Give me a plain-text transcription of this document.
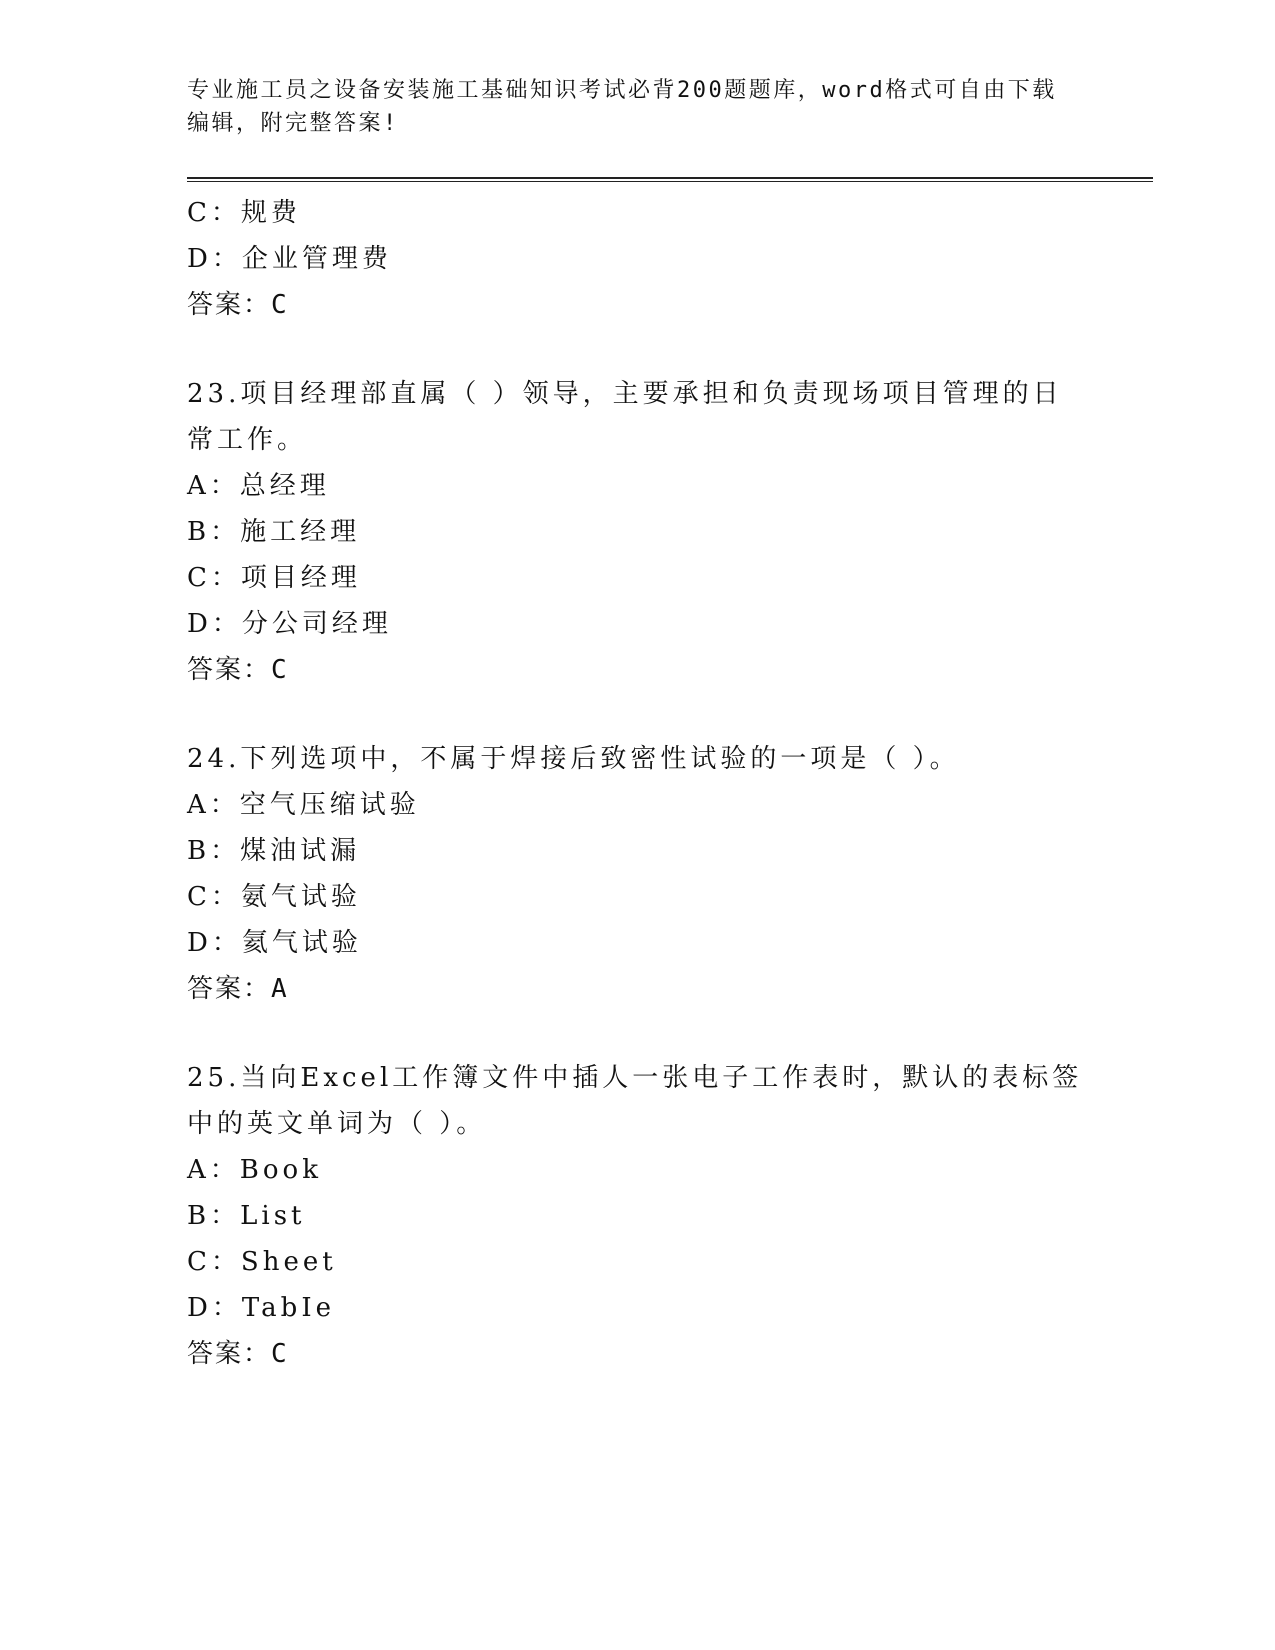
专业施工员之设备安装施工基础知识考试必背200题题库，word格式可自由下载
编辑，附完整答案!
C：规费
D：企业管理费
答案：C
23.项目经理部直属（ ）领导，主要承担和负责现场项目管理的日常工作。
A：总经理
B：施工经理
C：项目经理
D：分公司经理
答案：C
24.下列选项中，不属于焊接后致密性试验的一项是（ ）。
A：空气压缩试验
B：煤油试漏
C：氨气试验
D：氦气试验
答案：A
25.当向Excel工作簿文件中插人一张电子工作表时，默认的表标签中的英文单词为（ ）。
A：Book
B：List
C：Sheet
D：TabIe
答案：C
